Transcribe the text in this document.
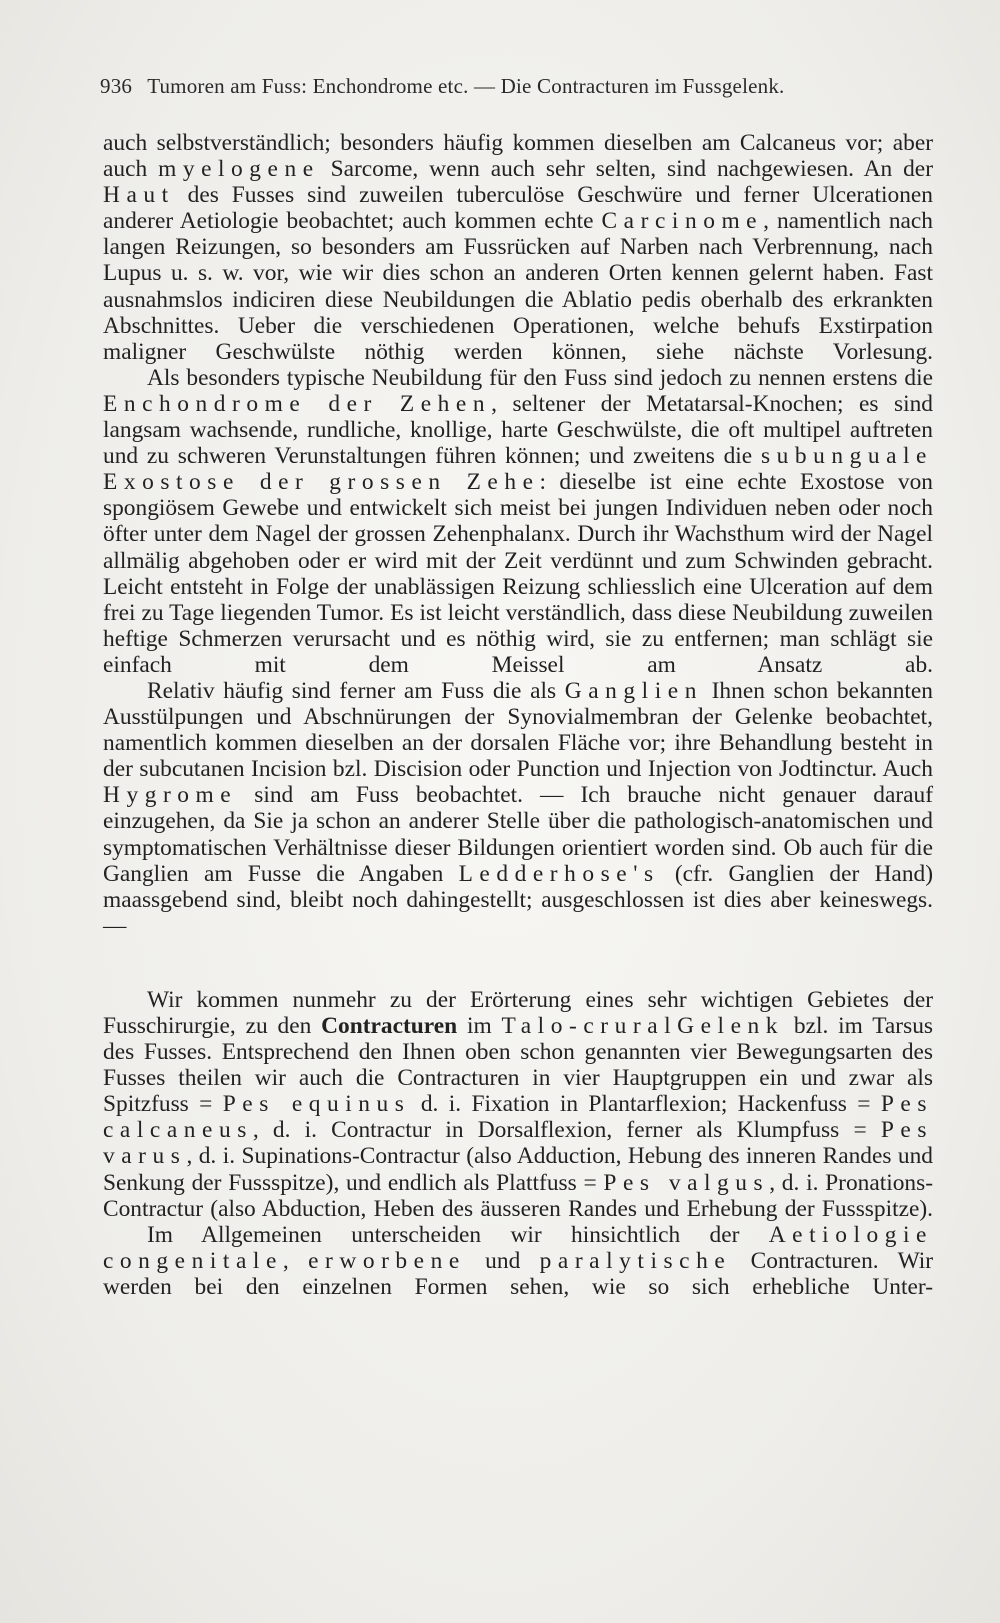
936 Tumoren am Fuss: Enchondrome etc. — Die Contracturen im Fussgelenk.

auch selbstverständlich; besonders häufig kommen dieselben am Calcaneus vor; aber auch myelogene Sarcome, wenn auch sehr selten, sind nachgewiesen. An der Haut des Fusses sind zuweilen tuberculöse Geschwüre und ferner Ulcerationen anderer Aetiologie beobachtet; auch kommen echte Carcinome, namentlich nach langen Reizungen, so besonders am Fussrücken auf Narben nach Verbrennung, nach Lupus u. s. w. vor, wie wir dies schon an anderen Orten kennen gelernt haben. Fast ausnahmslos indiciren diese Neubildungen die Ablatio pedis oberhalb des erkrankten Abschnittes. Ueber die verschiedenen Operationen, welche behufs Exstirpation maligner Geschwülste nöthig werden können, siehe nächste Vorlesung.

Als besonders typische Neubildung für den Fuss sind jedoch zu nennen erstens die Enchondrome der Zehen, seltener der Metatarsal-Knochen; es sind langsam wachsende, rundliche, knollige, harte Geschwülste, die oft multipel auftreten und zu schweren Verunstaltungen führen können; und zweitens die subunguale Exostose der grossen Zehe: dieselbe ist eine echte Exostose von spongiösem Gewebe und entwickelt sich meist bei jungen Individuen neben oder noch öfter unter dem Nagel der grossen Zehenphalanx. Durch ihr Wachsthum wird der Nagel allmälig abgehoben oder er wird mit der Zeit verdünnt und zum Schwinden gebracht. Leicht entsteht in Folge der unablässigen Reizung schliesslich eine Ulceration auf dem frei zu Tage liegenden Tumor. Es ist leicht verständlich, dass diese Neubildung zuweilen heftige Schmerzen verursacht und es nöthig wird, sie zu entfernen; man schlägt sie einfach mit dem Meissel am Ansatz ab.

Relativ häufig sind ferner am Fuss die als Ganglien Ihnen schon bekannten Ausstülpungen und Abschnürungen der Synovialmembran der Gelenke beobachtet, namentlich kommen dieselben an der dorsalen Fläche vor; ihre Behandlung besteht in der subcutanen Incision bzl. Discision oder Punction und Injection von Jodtinctur. Auch Hygrome sind am Fuss beobachtet. — Ich brauche nicht genauer darauf einzugehen, da Sie ja schon an anderer Stelle über die pathologisch-anatomischen und symptomatischen Verhältnisse dieser Bildungen orientiert worden sind. Ob auch für die Ganglien am Fusse die Angaben Ledderhose's (cfr. Ganglien der Hand) maassgebend sind, bleibt noch dahingestellt; ausgeschlossen ist dies aber keineswegs. —

Wir kommen nunmehr zu der Erörterung eines sehr wichtigen Gebietes der Fusschirurgie, zu den Contracturen im Talo-cruralGelenk bzl. im Tarsus des Fusses. Entsprechend den Ihnen oben schon genannten vier Bewegungsarten des Fusses theilen wir auch die Contracturen in vier Hauptgruppen ein und zwar als Spitzfuss = Pes equinus d. i. Fixation in Plantarflexion; Hackenfuss = Pes calcaneus, d. i. Contractur in Dorsalflexion, ferner als Klumpfuss = Pes varus, d. i. Supinations-Contractur (also Adduction, Hebung des inneren Randes und Senkung der Fussspitze), und endlich als Plattfuss = Pes valgus, d. i. Pronations-Contractur (also Abduction, Heben des äusseren Randes und Erhebung der Fussspitze).

Im Allgemeinen unterscheiden wir hinsichtlich der Aetiologie congenitale, erworbene und paralytische Contracturen. Wir werden bei den einzelnen Formen sehen, wie so sich erhebliche Unter-
